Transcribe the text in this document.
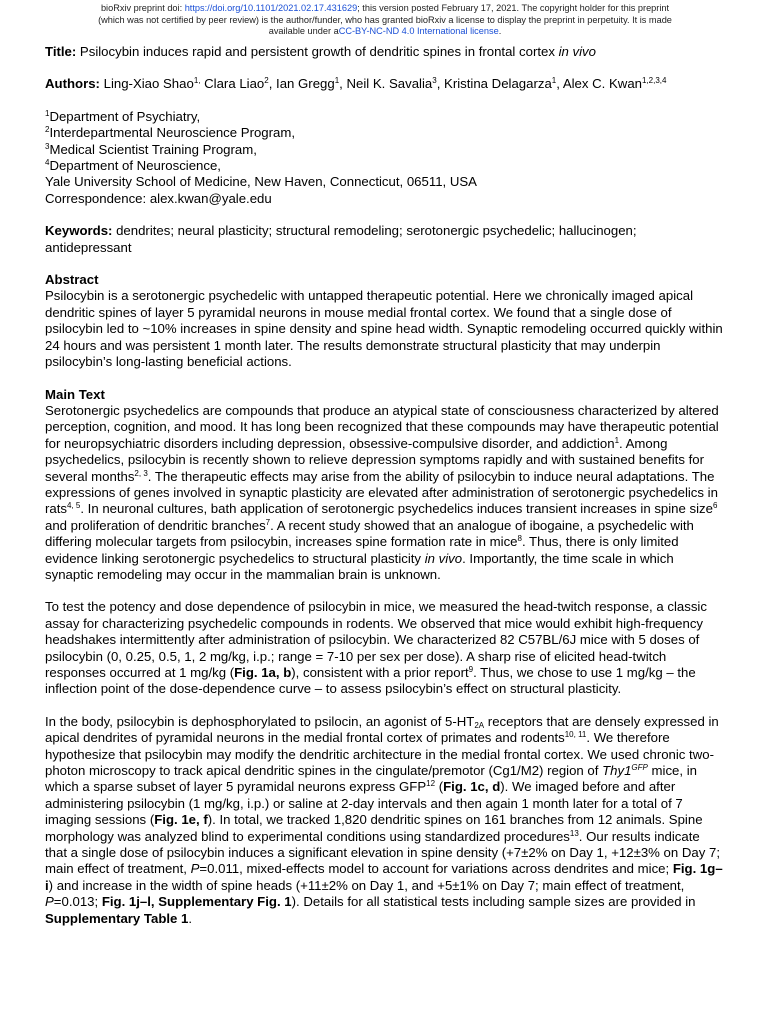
bioRxiv preprint doi: https://doi.org/10.1101/2021.02.17.431629; this version posted February 17, 2021. The copyright holder for this preprint
(which was not certified by peer review) is the author/funder, who has granted bioRxiv a license to display the preprint in perpetuity. It is made
available under aCC-BY-NC-ND 4.0 International license.

Title: Psilocybin induces rapid and persistent growth of dendritic spines in frontal cortex in vivo

Authors: Ling-Xiao Shao$^{1,}$ Clara Liao$^2$, Ian Gregg$^1$, Neil K. Savalia$^3$, Kristina Delagarza$^1$, Alex C. Kwan$^{1,2,3,4}$

$^1$Department of Psychiatry,
$^2$Interdepartmental Neuroscience Program,
$^3$Medical Scientist Training Program,
$^4$Department of Neuroscience,
Yale University School of Medicine, New Haven, Connecticut, 06511, USA
Correspondence: alex.kwan@yale.edu

Keywords: dendrites; neural plasticity; structural remodeling; serotonergic psychedelic; hallucinogen; antidepressant

Abstract

Psilocybin is a serotonergic psychedelic with untapped therapeutic potential. Here we chronically imaged apical dendritic spines of layer 5 pyramidal neurons in mouse medial frontal cortex. We found that a single dose of psilocybin led to ~10% increases in spine density and spine head width. Synaptic remodeling occurred quickly within 24 hours and was persistent 1 month later. The results demonstrate structural plasticity that may underpin psilocybin’s long-lasting beneficial actions.

Main Text

Serotonergic psychedelics are compounds that produce an atypical state of consciousness characterized by altered perception, cognition, and mood. It has long been recognized that these compounds may have therapeutic potential for neuropsychiatric disorders including depression, obsessive-compulsive disorder, and addiction$^1$. Among psychedelics, psilocybin is recently shown to relieve depression symptoms rapidly and with sustained benefits for several months$^{2, 3}$. The therapeutic effects may arise from the ability of psilocybin to induce neural adaptations. The expressions of genes involved in synaptic plasticity are elevated after administration of serotonergic psychedelics in rats$^{4, 5}$. In neuronal cultures, bath application of serotonergic psychedelics induces transient increases in spine size$^6$ and proliferation of dendritic branches$^7$. A recent study showed that an analogue of ibogaine, a psychedelic with differing molecular targets from psilocybin, increases spine formation rate in mice$^8$. Thus, there is only limited evidence linking serotonergic psychedelics to structural plasticity in vivo. Importantly, the time scale in which synaptic remodeling may occur in the mammalian brain is unknown.

To test the potency and dose dependence of psilocybin in mice, we measured the head-twitch response, a classic assay for characterizing psychedelic compounds in rodents. We observed that mice would exhibit high-frequency headshakes intermittently after administration of psilocybin. We characterized 82 C57BL/6J mice with 5 doses of psilocybin (0, 0.25, 0.5, 1, 2 mg/kg, i.p.; range = 7-10 per sex per dose). A sharp rise of elicited head-twitch responses occurred at 1 mg/kg (Fig. 1a, b), consistent with a prior report$^9$. Thus, we chose to use 1 mg/kg – the inflection point of the dose-dependence curve – to assess psilocybin’s effect on structural plasticity.

In the body, psilocybin is dephosphorylated to psilocin, an agonist of $5-HT_{2A}$ receptors that are densely expressed in apical dendrites of pyramidal neurons in the medial frontal cortex of primates and rodents$^{10, 11}$. We therefore hypothesize that psilocybin may modify the dendritic architecture in the medial frontal cortex. We used chronic two-photon microscopy to track apical dendritic spines in the cingulate/premotor (Cg1/M2) region of $Thy1^{GFP}$ mice, in which a sparse subset of layer 5 pyramidal neurons express GFP$^{12}$ (Fig. 1c, d). We imaged before and after administering psilocybin (1 mg/kg, i.p.) or saline at 2-day intervals and then again 1 month later for a total of 7 imaging sessions (Fig. 1e, f). In total, we tracked 1,820 dendritic spines on 161 branches from 12 animals. Spine morphology was analyzed blind to experimental conditions using standardized procedures$^{13}$. Our results indicate that a single dose of psilocybin induces a significant elevation in spine density (+7±2% on Day 1, +12±3% on Day 7; main effect of treatment, P=0.011, mixed-effects model to account for variations across dendrites and mice; Fig. 1g–i) and increase in the width of spine heads (+11±2% on Day 1, and +5±1% on Day 7; main effect of treatment, P=0.013; Fig. 1j–l, Supplementary Fig. 1). Details for all statistical tests including sample sizes are provided in Supplementary Table 1.
